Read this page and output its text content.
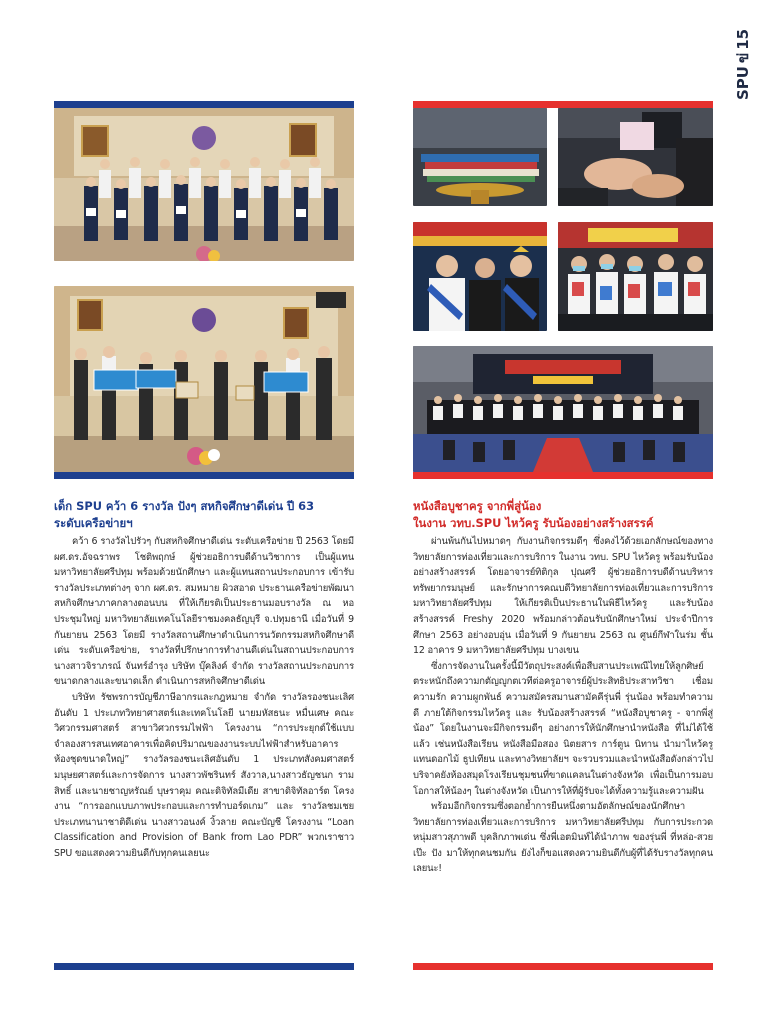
SPU
ข่
15
เด็ก SPU คว้า 6 รางวัล ปังๆ สหกิจศึกษาดีเด่น ปี 63
ระดับเครือข่ายฯ

คว้า 6 รางวัลไปรัวๆ กับสหกิจศึกษาดีเด่น ระดับเครือข่าย ปี 2563 โดยมี ผศ.ดร.อัจฉราพร โชติพฤกษ์ ผู้ช่วยอธิการบดีด้านวิชาการ เป็นผู้แทนมหาวิทยาลัยศรีปทุม พร้อมด้วยนักศึกษา และผู้แทนสถานประกอบการ เข้ารับรางวัลประเภทต่างๆ จาก ผศ.ดร. สมหมาย ผิวสอาด ประธานเครือข่ายพัฒนาสหกิจศึกษาภาคกลางตอนบน ที่ให้เกียรติเป็นประธานมอบรางวัล ณ หอประชุมใหญ่ มหาวิทยาลัยเทคโนโลยีราชมงคลธัญบุรี จ.ปทุมธานี เมื่อวันที่ 9 กันยายน 2563 โดยมี รางวัลสถานศึกษาดำเนินการนวัตกรรมสหกิจศึกษาดีเด่น ระดับเครือข่าย, รางวัลที่ปรึกษาการทำงานดีเด่นในสถานประกอบการ นางสาวจิราภรณ์ จันทร์อำรุง บริษัท บุ๊คลิงค์ จำกัด รางวัลสถานประกอบการขนาดกลางและขนาดเล็ก ดำเนินการสหกิจศึกษาดีเด่น

บริษัท รัชพรการบัญชีภาษีอากรและกฎหมาย จำกัด รางวัลรองชนะเลิศอันดับ 1 ประเภทวิทยาศาสตร์และเทคโนโลยี นายมหัสธนะ หมื่นเศษ คณะวิศวกรรมศาสตร์ สาขาวิศวกรรมไฟฟ้า โครงงาน “การประยุกต์ใช้แบบจำลองสารสนเทศอาคารเพื่อคิดปริมาณของงานระบบไฟฟ้าสำหรับอาคารห้องชุดขนาดใหญ่” รางวัลรองชนะเลิศอันดับ 1 ประเภทสังคมศาสตร์ มนุษยศาสตร์และการจัดการ นางสาวพัชรินทร์ สังวาล,นางสาวธัญชนก รามสิทธิ์ และนายชาญหรัณย์ บุษราคุม คณะดิจิทัลมีเดีย สาขาดิจิทัลอาร์ต โครงงาน “การออกแบบภาพประกอบและการทำบอร์ดเกม” และ รางวัลชมเชย ประเภทนานาชาติดีเด่น นางสาวอนงค์ งิ้วลาย คณะบัญชี โครงงาน “Loan Classification and Provision of Bank from Lao PDR” พวกเราชาว SPU ขอแสดงความยินดีกับทุกคนเลยนะ

หนังสือบูชาครู จากพี่สู่น้อง
ในงาน วทบ.SPU ไหว้ครู รับน้องอย่างสร้างสรรค์

ผ่านพ้นกันไปหมาดๆ กับงานกิจกรรมดีๆ ซึ่งคงไว้ด้วยเอกลักษณ์ของทางวิทยาลัยการท่องเที่ยวและการบริการ ในงาน วทบ. SPU ไหว้ครู พร้อมรับน้องอย่างสร้างสรรค์ โดยอาจารย์ทิติกุล ปุณศรี ผู้ช่วยอธิการบดีด้านบริหารทรัพยากรมนุษย์ และรักษาการคณบดีวิทยาลัยการท่องเที่ยวและการบริการ มหาวิทยาลัยศรีปทุม ให้เกียรติเป็นประธานในพิธีไหว้ครู และรับน้องสร้างสรรค์ Freshy 2020 พร้อมกล่าวต้อนรับนักศึกษาใหม่ ประจำปีการศึกษา 2563 อย่างอบอุ่น เมื่อวันที่ 9 กันยายน 2563 ณ ศูนย์กีฬาในร่ม ชั้น 12 อาคาร 9 มหาวิทยาลัยศรีปทุม บางเขน

ซึ่งการจัดงานในครั้งนี้มีวัตถุประสงค์เพื่อสืบสานประเพณีไทยให้ลูกศิษย์ตระหนักถึงความกตัญญูกตเวทีต่อครูอาจารย์ผู้ประสิทธิประสาทวิชา เชื่อมความรัก ความผูกพันธ์ ความสมัครสมานสามัคคีรุ่นพี่ รุ่นน้อง พร้อมทำความดี ภายใต้กิจกรรมไหว้ครู และ รับน้องสร้างสรรค์ “หนังสือบูชาครู - จากพี่สู่น้อง” โดยในงานจะมีกิจกรรมดีๆ อย่างการให้นักศึกษานำหนังสือ ที่ไม่ได้ใช้แล้ว เช่นหนังสือเรียน หนังสือมือสอง นิตยสาร การ์ตูน นิทาน นำมาไหว้ครู แทนดอกไม้ ธูปเทียน และทางวิทยาลัยฯ จะรวบรวมและนำหนังสือดังกล่าวไปบริจาคยังห้องสมุดโรงเรียนชุมชนที่ขาดแคลนในต่างจังหวัด เพื่อเป็นการมอบโอกาสให้น้องๆ ในต่างจังหวัด เป็นการให้ที่ผู้รับจะได้ทั้งความรู้และความฝัน

พร้อมอีกกิจกรรมซึ่งตอกย้ำการยืนหนึ่งตามอัตลักษณ์ของนักศึกษาวิทยาลัยการท่องเที่ยวและการบริการ มหาวิทยาลัยศรีปทุม กับการประกวดหนุ่มสาวสุภาพดี บุคลิกภาพเด่น ซึ่งพี่เอตมินท์ได้นำภาพ ของรุ่นพี่ ที่หล่อ-สวย เป๊ะ ปัง มาให้ทุกคนชมกัน ยังไงก็ขอแสดงความยินดีกับผู้ที่ได้รับรางวัลทุกคนเลยนะ!
